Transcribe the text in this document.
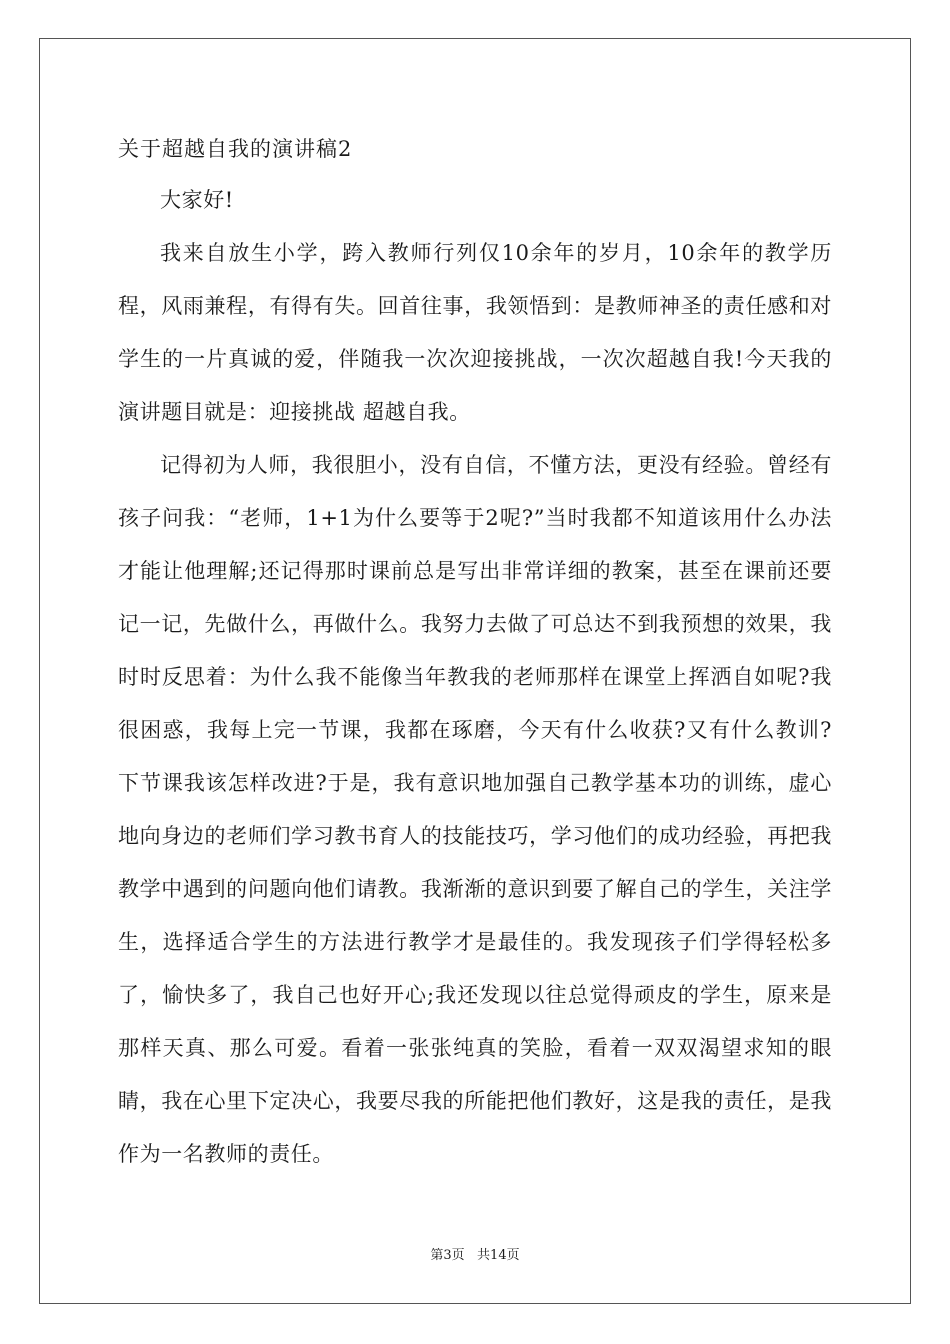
关于超越自我的演讲稿2

大家好!

我来自放生小学，跨入教师行列仅10余年的岁月，10余年的教学历程，风雨兼程，有得有失。回首往事，我领悟到：是教师神圣的责任感和对学生的一片真诚的爱，伴随我一次次迎接挑战，一次次超越自我!今天我的演讲题目就是：迎接挑战 超越自我。

记得初为人师，我很胆小，没有自信，不懂方法，更没有经验。曾经有孩子问我：“老师，1+1为什么要等于2呢?”当时我都不知道该用什么办法才能让他理解;还记得那时课前总是写出非常详细的教案，甚至在课前还要记一记，先做什么，再做什么。我努力去做了可总达不到我预想的效果，我时时反思着：为什么我不能像当年教我的老师那样在课堂上挥洒自如呢?我很困惑，我每上完一节课，我都在琢磨，今天有什么收获?又有什么教训?下节课我该怎样改进?于是，我有意识地加强自己教学基本功的训练，虚心地向身边的老师们学习教书育人的技能技巧，学习他们的成功经验，再把我教学中遇到的问题向他们请教。我渐渐的意识到要了解自己的学生，关注学生，选择适合学生的方法进行教学才是最佳的。我发现孩子们学得轻松多了，愉快多了，我自己也好开心;我还发现以往总觉得顽皮的学生，原来是那样天真、那么可爱。看着一张张纯真的笑脸，看着一双双渴望求知的眼睛，我在心里下定决心，我要尽我的所能把他们教好，这是我的责任，是我作为一名教师的责任。

第3页   共14页
